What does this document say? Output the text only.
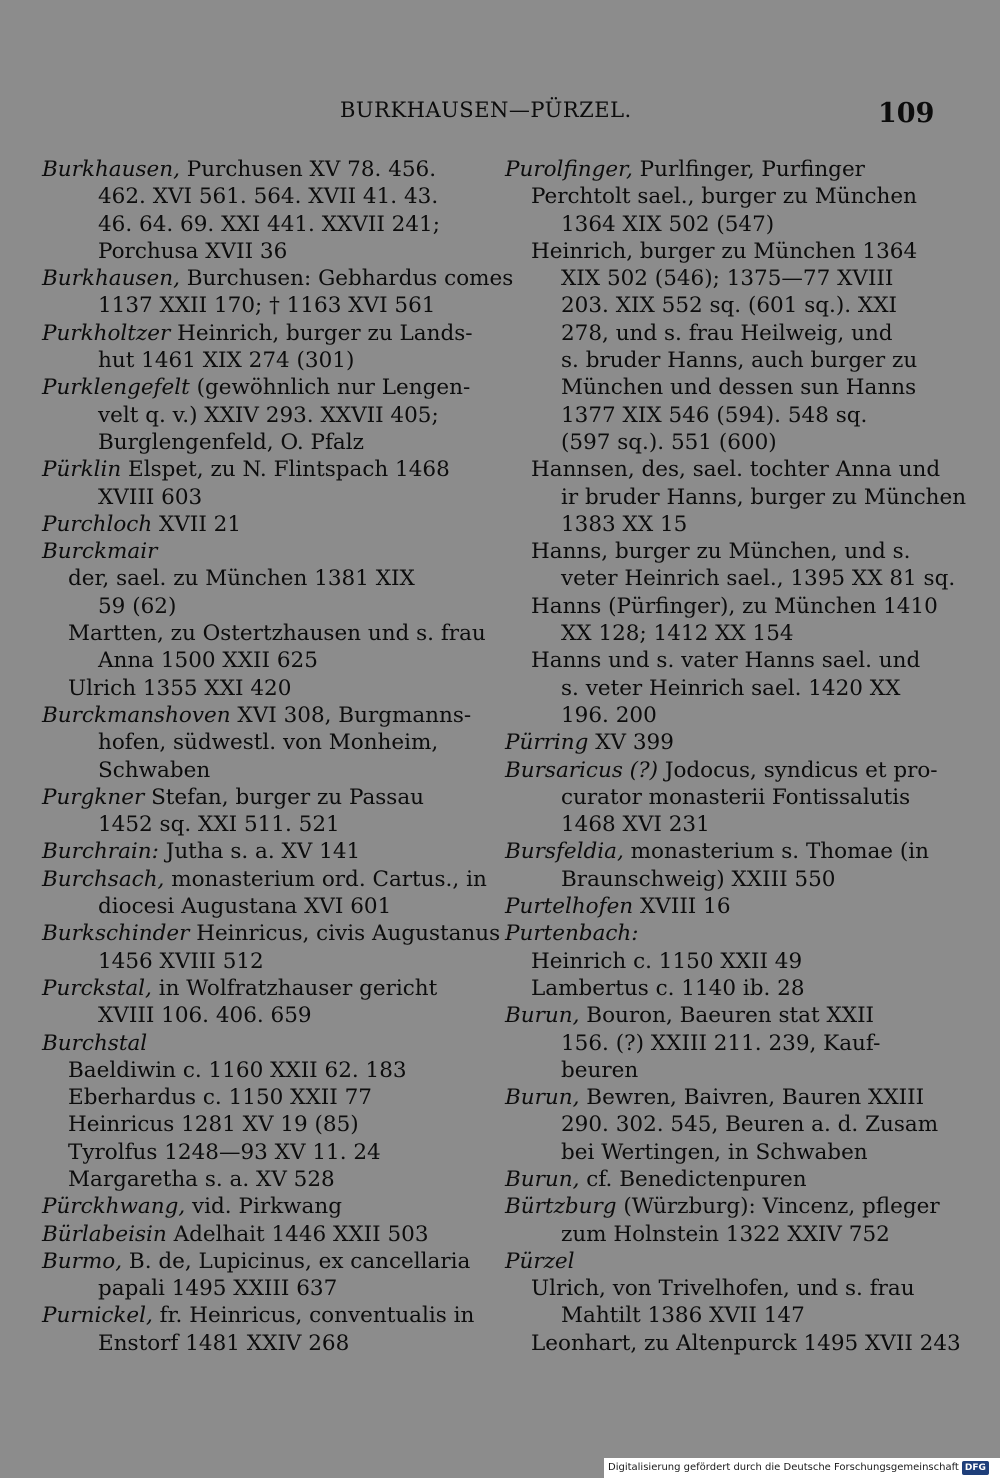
BURKHAUSEN—PÜRZEL.	109
Burkhausen, Purchusen XV 78. 456.
462. XVI 561. 564. XVII 41. 43.
46. 64. 69. XXI 441. XXVII 241;
Porchusa XVII 36
Burkhausen, Burchusen: Gebhardus comes
1137 XXII 170; † 1163 XVI 561
Purkholtzer Heinrich, burger zu Lands-
hut 1461 XIX 274 (301)
Purklengefelt (gewöhnlich nur Lengen-
velt q. v.) XXIV 293. XXVII 405;
Burglengenfeld, O. Pfalz
Pürklin Elspet, zu N. Flintspach 1468
XVIII 603
Purchloch XVII 21
Burckmair
der, sael. zu München 1381 XIX
59 (62)
Martten, zu Ostertzhausen und s. frau
Anna 1500 XXII 625
Ulrich 1355 XXI 420
Burckmanshoven XVI 308, Burgmanns-
hofen, südwestl. von Monheim,
Schwaben
Purgkner Stefan, burger zu Passau
1452 sq. XXI 511. 521
Burchrain: Jutha s. a. XV 141
Burchsach, monasterium ord. Cartus., in
diocesi Augustana XVI 601
Burkschinder Heinricus, civis Augustanus
1456 XVIII 512
Purckstal, in Wolfratzhauser gericht
XVIII 106. 406. 659
Burchstal
Baeldiwin c. 1160 XXII 62. 183
Eberhardus c. 1150 XXII 77
Heinricus 1281 XV 19 (85)
Tyrolfus 1248—93 XV 11. 24
Margaretha s. a. XV 528
Pürckhwang, vid. Pirkwang
Bürlabeisin Adelhait 1446 XXII 503
Burmo, B. de, Lupicinus, ex cancellaria
papali 1495 XXIII 637
Purnickel, fr. Heinricus, conventualis in
Enstorf 1481 XXIV 268
Purolfinger, Purlfinger, Purfinger
Perchtolt sael., burger zu München
1364 XIX 502 (547)
Heinrich, burger zu München 1364
XIX 502 (546); 1375—77 XVIII
203. XIX 552 sq. (601 sq.). XXI
278, und s. frau Heilweig, und
s. bruder Hanns, auch burger zu
München und dessen sun Hanns
1377 XIX 546 (594). 548 sq.
(597 sq.). 551 (600)
Hannsen, des, sael. tochter Anna und
ir bruder Hanns, burger zu München
1383 XX 15
Hanns, burger zu München, und s.
veter Heinrich sael., 1395 XX 81 sq.
Hanns (Pürfinger), zu München 1410
XX 128; 1412 XX 154
Hanns und s. vater Hanns sael. und
s. veter Heinrich sael. 1420 XX
196. 200
Pürring XV 399
Bursaricus (?) Jodocus, syndicus et pro-
curator monasterii Fontissalutis
1468 XVI 231
Bursfeldia, monasterium s. Thomae (in
Braunschweig) XXIII 550
Purtelhofen XVIII 16
Purtenbach:
Heinrich c. 1150 XXII 49
Lambertus c. 1140 ib. 28
Burun, Bouron, Baeuren stat XXII
156. (?) XXIII 211. 239, Kauf-
beuren
Burun, Bewren, Baivren, Bauren XXIII
290. 302. 545, Beuren a. d. Zusam
bei Wertingen, in Schwaben
Burun, cf. Benedictenpuren
Bürtzburg (Würzburg): Vincenz, pfleger
zum Holnstein 1322 XXIV 752
Pürzel
Ulrich, von Trivelhofen, und s. frau
Mahtilt 1386 XVII 147
Leonhart, zu Altenpurck 1495 XVII 243
Digitalisierung gefördert durch die Deutsche Forschungsgemeinschaft DFG
